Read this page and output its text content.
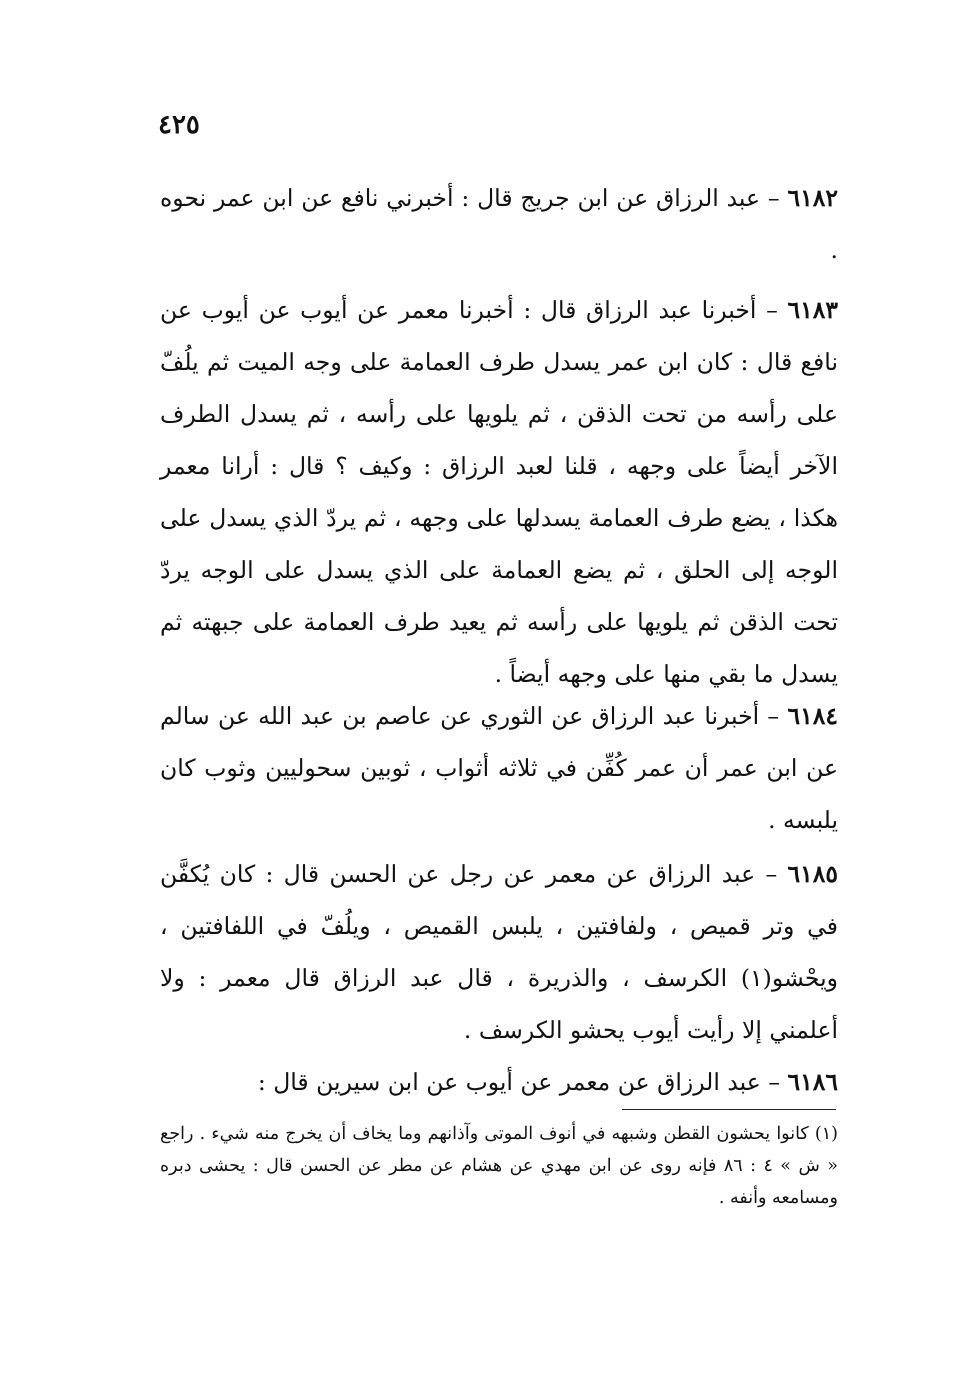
٤٢٥

٦١٨٢ – عبد الرزاق عن ابن جريج قال : أخبرني نافع عن ابن عمر نحوه .

٦١٨٣ – أخبرنا عبد الرزاق قال : أخبرنا معمر عن أيوب عن أيوب عن نافع قال : كان ابن عمر يسدل طرف العمامة على وجه الميت ثم يلُفّ على رأسه من تحت الذقن ، ثم يلويها على رأسه ، ثم يسدل الطرف الآخر أيضاً على وجهه ، قلنا لعبد الرزاق : وكيف ؟ قال : أرانا معمر هكذا ، يضع طرف العمامة يسدلها على وجهه ، ثم يردّ الذي يسدل على الوجه إلى الحلق ، ثم يضع العمامة على الذي يسدل على الوجه يردّ تحت الذقن ثم يلويها على رأسه ثم يعيد طرف العمامة على جبهته ثم يسدل ما بقي منها على وجهه أيضاً .

٦١٨٤ – أخبرنا عبد الرزاق عن الثوري عن عاصم بن عبد الله عن سالم عن ابن عمر أن عمر كُفِّن في ثلاثه أثواب ، ثوبين سحوليين وثوب كان يلبسه .

٦١٨٥ – عبد الرزاق عن معمر عن رجل عن الحسن قال : كان يُكفَّن في وتر قميص ، ولفافتين ، يلبس القميص ، ويلُفّ في اللفافتين ، ويحْشو(١) الكرسف ، والذريرة ، قال عبد الرزاق قال معمر : ولا أعلمني إلا رأيت أيوب يحشو الكرسف .

٦١٨٦ – عبد الرزاق عن معمر عن أيوب عن ابن سيرين قال :

(١) كانوا يحشون القطن وشبهه في أنوف الموتى وآذانهم وما يخاف أن يخرج منه شيء . راجع « ش » ٤ : ٨٦ فإنه روى عن ابن مهدي عن هشام عن مطر عن الحسن قال : يحشى دبره ومسامعه وأنفه .
